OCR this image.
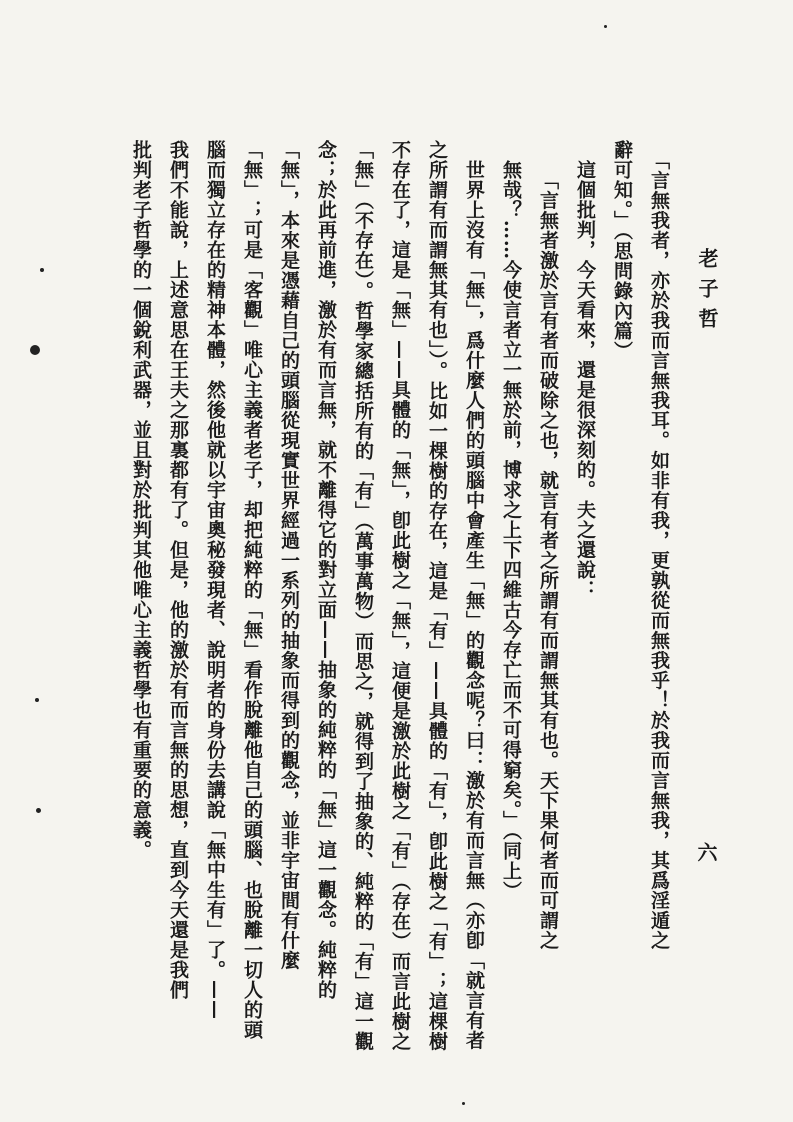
老子哲
六
　「言無我者，亦於我而言無我耳。如非有我，更孰從而無我乎！於我而言無我，其爲淫遁之
辭可知。」（思問錄內篇）
　這個批判，今天看來，還是很深刻的。夫之還說：
　　「言無者激於言有者而破除之也，就言有者之所謂有而謂無其有也。天下果何者而可謂之
　無哉？……今使言者立一無於前，博求之上下四維古今存亡而不可得窮矣。」（同上）
　世界上沒有「無」，爲什麼人們的頭腦中會產生「無」的觀念呢？曰：激於有而言無（亦卽「就言有者
之所謂有而謂無其有也」）。比如一棵樹的存在，這是「有」——具體的「有」，卽此樹之「有」；這棵樹
不存在了，這是「無」——具體的「無」，卽此樹之「無」，這便是激於此樹之「有」（存在）而言此樹之
「無」（不存在）。哲學家總括所有的「有」（萬事萬物）而思之，就得到了抽象的、純粹的「有」這一觀
念；於此再前進，激於有而言無，就不離得它的對立面——抽象的純粹的「無」這一觀念。純粹的
「無」，本來是憑藉自己的頭腦從現實世界經過一系列的抽象而得到的觀念，並非宇宙間有什麼
「無」；可是「客觀」唯心主義者老子，却把純粹的「無」看作脫離他自己的頭腦、也脫離一切人的頭
腦而獨立存在的精神本體，然後他就以宇宙奧秘發現者、說明者的身份去講說「無中生有」了。——
我們不能說，上述意思在王夫之那裏都有了。但是，他的激於有而言無的思想，直到今天還是我們
批判老子哲學的一個銳利武器，並且對於批判其他唯心主義哲學也有重要的意義。
